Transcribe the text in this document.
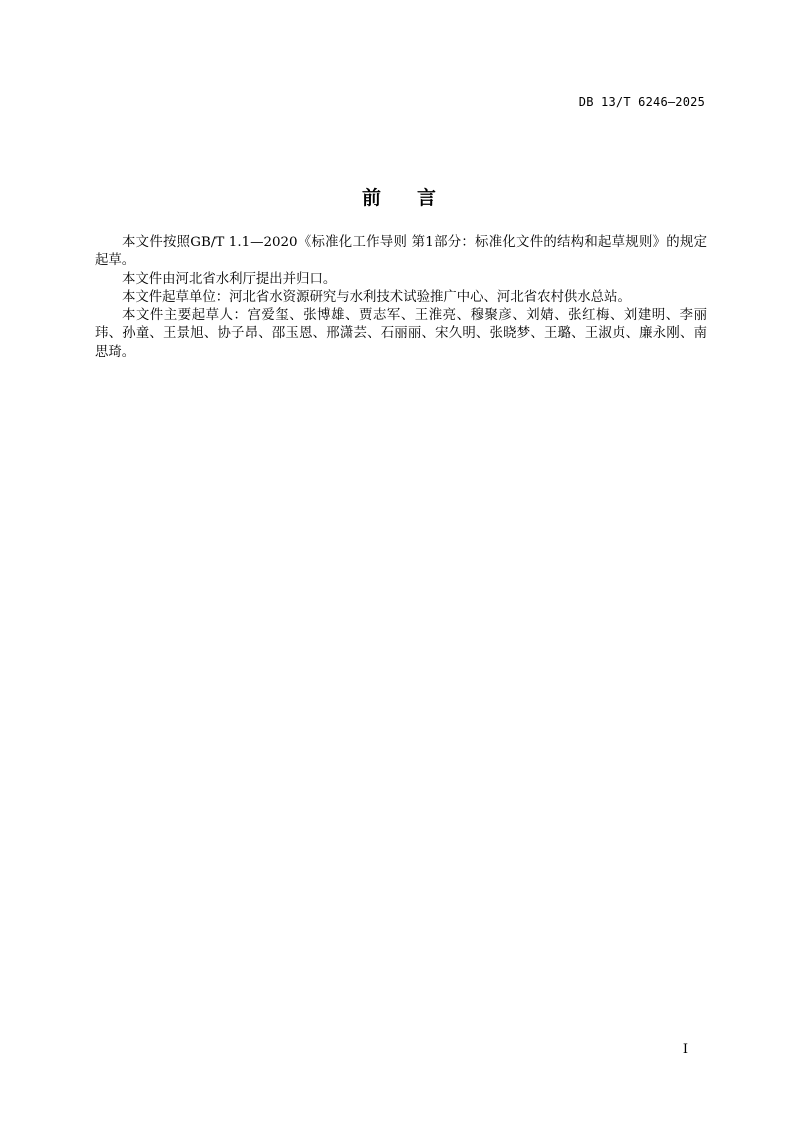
DB 13/T 6246—2025
前 言

本文件按照GB/T 1.1—2020《标准化工作导则 第1部分：标准化文件的结构和起草规则》的规定起草。

本文件由河北省水利厅提出并归口。

本文件起草单位：河北省水资源研究与水利技术试验推广中心、河北省农村供水总站。

本文件主要起草人：宫爱玺、张博雄、贾志军、王淮亮、穆聚彦、刘婧、张红梅、刘建明、李丽玮、孙童、王景旭、协子昂、邵玉恩、邢潇芸、石丽丽、宋久明、张晓梦、王璐、王淑贞、廉永刚、南思琦。

I
